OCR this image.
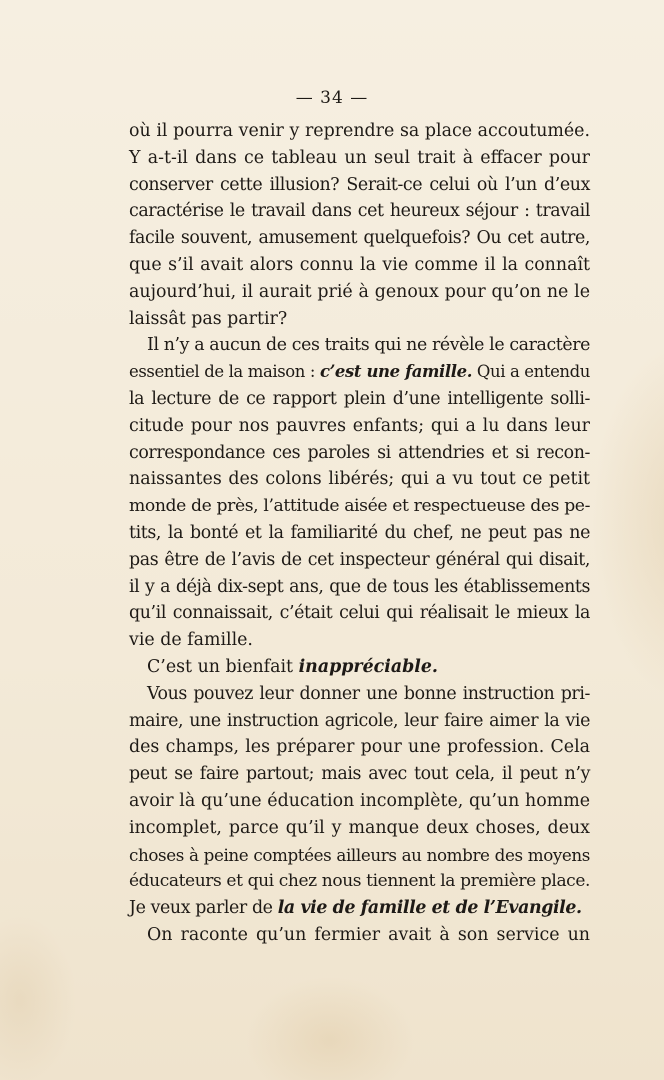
— 34 —
où il pourra venir y reprendre sa place accoutumée.
Y a-t-il dans ce tableau un seul trait à effacer pour
conserver cette illusion? Serait-ce celui où l’un d’eux
caractérise le travail dans cet heureux séjour : travail
facile souvent, amusement quelquefois? Ou cet autre,
que s’il avait alors connu la vie comme il la connaît
aujourd’hui, il aurait prié à genoux pour qu’on ne le
laissât pas partir?
Il n’y a aucun de ces traits qui ne révèle le caractère
essentiel de la maison : c’est une famille. Qui a entendu
la lecture de ce rapport plein d’une intelligente solli-
citude pour nos pauvres enfants; qui a lu dans leur
correspondance ces paroles si attendries et si recon-
naissantes des colons libérés; qui a vu tout ce petit
monde de près, l’attitude aisée et respectueuse des pe-
tits, la bonté et la familiarité du chef, ne peut pas ne
pas être de l’avis de cet inspecteur général qui disait,
il y a déjà dix-sept ans, que de tous les établissements
qu’il connaissait, c’était celui qui réalisait le mieux la
vie de famille.
C’est un bienfait inappréciable.
Vous pouvez leur donner une bonne instruction pri-
maire, une instruction agricole, leur faire aimer la vie
des champs, les préparer pour une profession. Cela
peut se faire partout; mais avec tout cela, il peut n’y
avoir là qu’une éducation incomplète, qu’un homme
incomplet, parce qu’il y manque deux choses, deux
choses à peine comptées ailleurs au nombre des moyens
éducateurs et qui chez nous tiennent la première place.
Je veux parler de la vie de famille et de l’Evangile.
On raconte qu’un fermier avait à son service un
